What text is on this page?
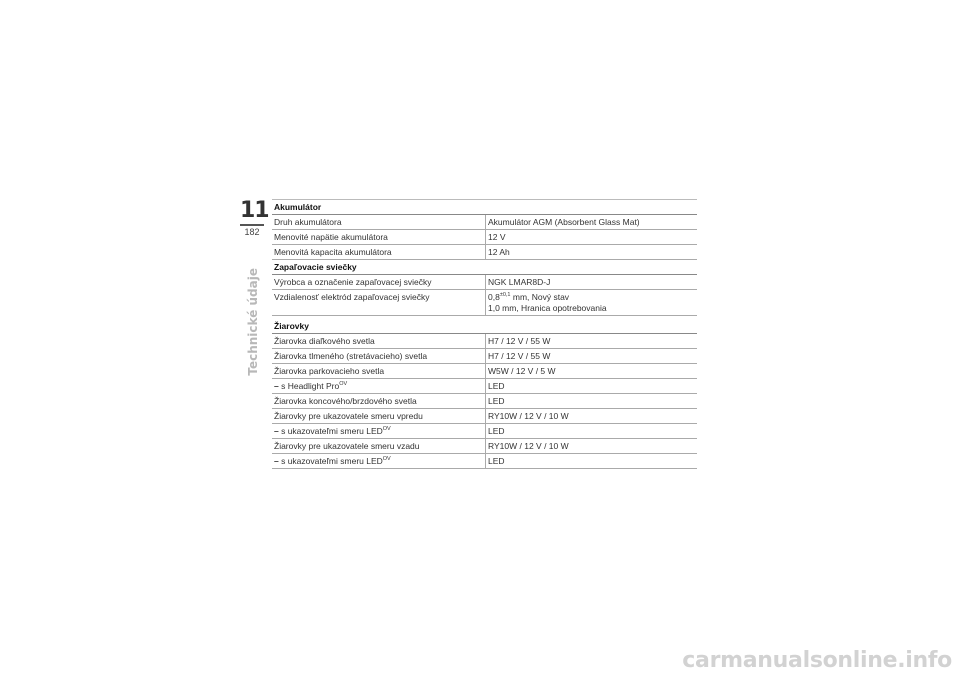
11
182
Technické údaje
Akumulátor
Druh akumulátora	Akumulátor AGM (Absorbent Glass Mat)
Menovité napätie akumulátora	12 V
Menovitá kapacita akumulátora	12 Ah
Zapaľovacie sviečky
Výrobca a označenie zapaľovacej sviečky	NGK LMAR8D-J
Vzdialenosť elektród zapaľovacej sviečky	$0,8^{\pm 0,1}$ mm, Nový stav
1,0 mm, Hranica opotrebovania
Žiarovky
Žiarovka diaľkového svetla	H7 / 12 V / 55 W
Žiarovka tlmeného (stretávacieho) svetla	H7 / 12 V / 55 W
Žiarovka parkovacieho svetla	W5W / 12 V / 5 W
– s Headlight Pro$^{OV}$	LED
Žiarovka koncového/brzdového svetla	LED
Žiarovky pre ukazovatele smeru vpredu	RY10W / 12 V / 10 W
– s ukazovateľmi smeru $LED^{OV}$	LED
Žiarovky pre ukazovatele smeru vzadu	RY10W / 12 V / 10 W
– s ukazovateľmi smeru $LED^{OV}$	LED
carmanualsonline.info
